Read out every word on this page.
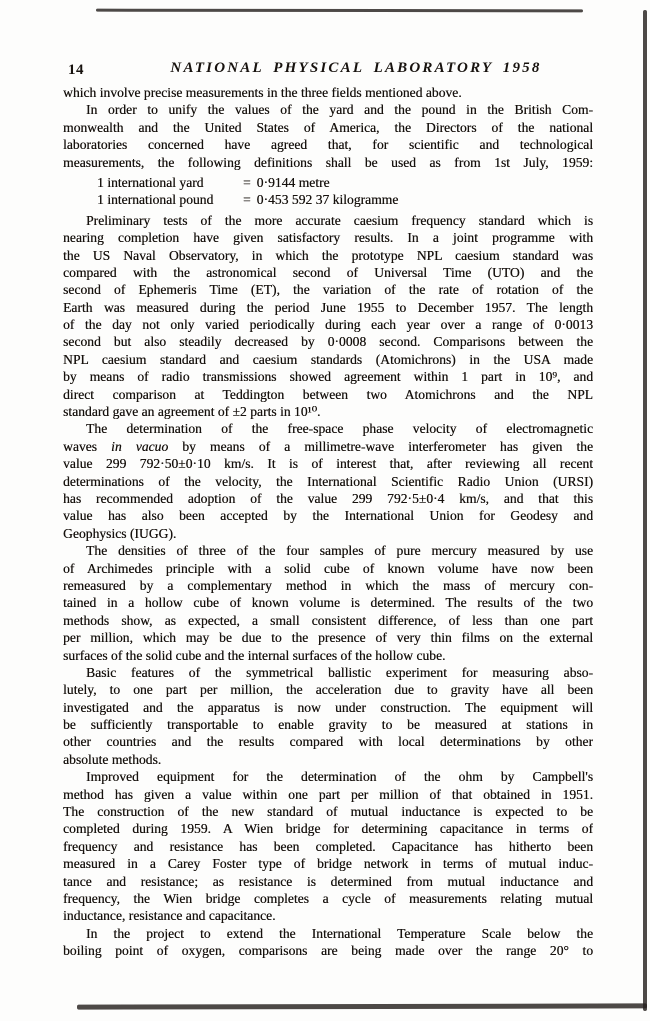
14	NATIONAL PHYSICAL LABORATORY 1958
which involve precise measurements in the three fields mentioned above.
In order to unify the values of the yard and the pound in the British Com-
monwealth and the United States of America, the Directors of the national
laboratories concerned have agreed that, for scientific and technological
measurements, the following definitions shall be used as from 1st July, 1959:
1 international yard	= 0·9144 metre
1 international pound = 0·453 592 37 kilogramme
Preliminary tests of the more accurate caesium frequency standard which is
nearing completion have given satisfactory results. In a joint programme with
the US Naval Observatory, in which the prototype NPL caesium standard was
compared with the astronomical second of Universal Time (UTO) and the
second of Ephemeris Time (ET), the variation of the rate of rotation of the
Earth was measured during the period June 1955 to December 1957. The length
of the day not only varied periodically during each year over a range of 0·0013
second but also steadily decreased by 0·0008 second. Comparisons between the
NPL caesium standard and caesium standards (Atomichrons) in the USA made
by means of radio transmissions showed agreement within 1 part in 10⁹, and
direct comparison at Teddington between two Atomichrons and the NPL
standard gave an agreement of ±2 parts in 10¹⁰.
The determination of the free-space phase velocity of electromagnetic
waves in vacuo by means of a millimetre-wave interferometer has given the
value 299 792·50±0·10 km/s. It is of interest that, after reviewing all recent
determinations of the velocity, the International Scientific Radio Union (URSI)
has recommended adoption of the value 299 792·5±0·4 km/s, and that this
value has also been accepted by the International Union for Geodesy and
Geophysics (IUGG).
The densities of three of the four samples of pure mercury measured by use
of Archimedes principle with a solid cube of known volume have now been
remeasured by a complementary method in which the mass of mercury con-
tained in a hollow cube of known volume is determined. The results of the two
methods show, as expected, a small consistent difference, of less than one part
per million, which may be due to the presence of very thin films on the external
surfaces of the solid cube and the internal surfaces of the hollow cube.
Basic features of the symmetrical ballistic experiment for measuring abso-
lutely, to one part per million, the acceleration due to gravity have all been
investigated and the apparatus is now under construction. The equipment will
be sufficiently transportable to enable gravity to be measured at stations in
other countries and the results compared with local determinations by other
absolute methods.
Improved equipment for the determination of the ohm by Campbell's
method has given a value within one part per million of that obtained in 1951.
The construction of the new standard of mutual inductance is expected to be
completed during 1959. A Wien bridge for determining capacitance in terms of
frequency and resistance has been completed. Capacitance has hitherto been
measured in a Carey Foster type of bridge network in terms of mutual induc-
tance and resistance; as resistance is determined from mutual inductance and
frequency, the Wien bridge completes a cycle of measurements relating mutual
inductance, resistance and capacitance.
In the project to extend the International Temperature Scale below the
boiling point of oxygen, comparisons are being made over the range 20° to
